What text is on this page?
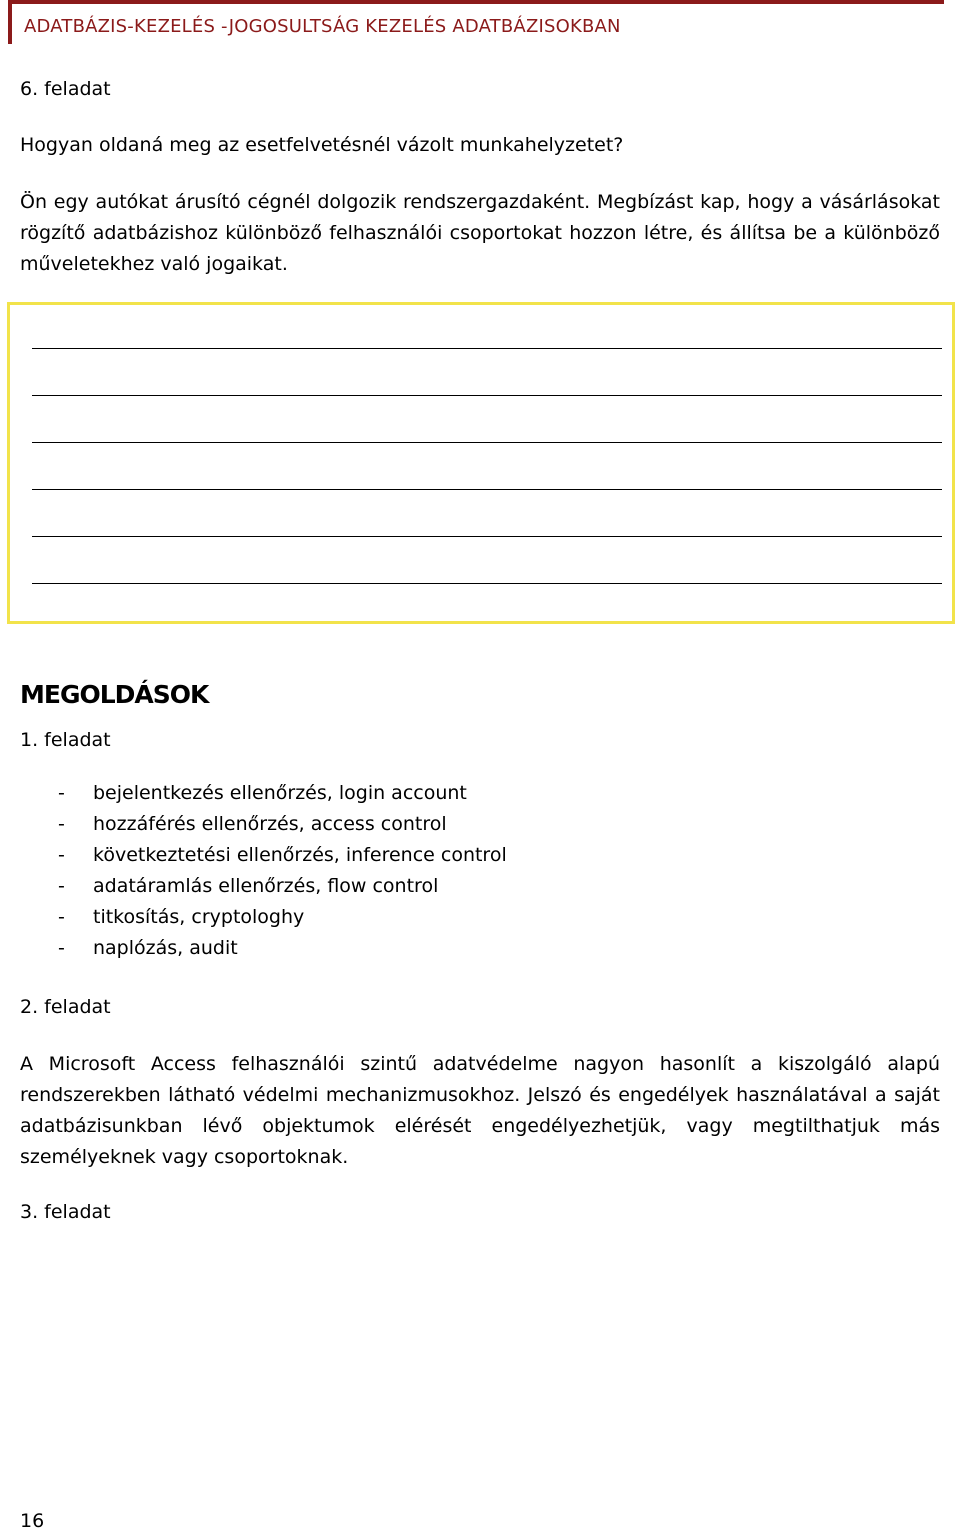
ADATBÁZIS-KEZELÉS -JOGOSULTSÁG KEZELÉS ADATBÁZISOKBAN
6. feladat
Hogyan oldaná meg az esetfelvetésnél vázolt munkahelyzetet?
Ön egy autókat árusító cégnél dolgozik rendszergazdaként. Megbízást kap, hogy a vásárlásokat rögzítő adatbázishoz különböző felhasználói csoportokat hozzon létre, és állítsa be a különböző műveletekhez való jogaikat.
MEGOLDÁSOK
1. feladat
- bejelentkezés ellenőrzés, login account
- hozzáférés ellenőrzés, access control
- következtetési ellenőrzés, inference control
- adatáramlás ellenőrzés, flow control
- titkosítás, cryptologhy
- naplózás, audit
2. feladat
A Microsoft Access felhasználói szintű adatvédelme nagyon hasonlít a kiszolgáló alapú rendszerekben látható védelmi mechanizmusokhoz. Jelszó és engedélyek használatával a saját adatbázisunkban lévő objektumok elérését engedélyezhetjük, vagy megtilthatjuk más személyeknek vagy csoportoknak.
3. feladat
16
